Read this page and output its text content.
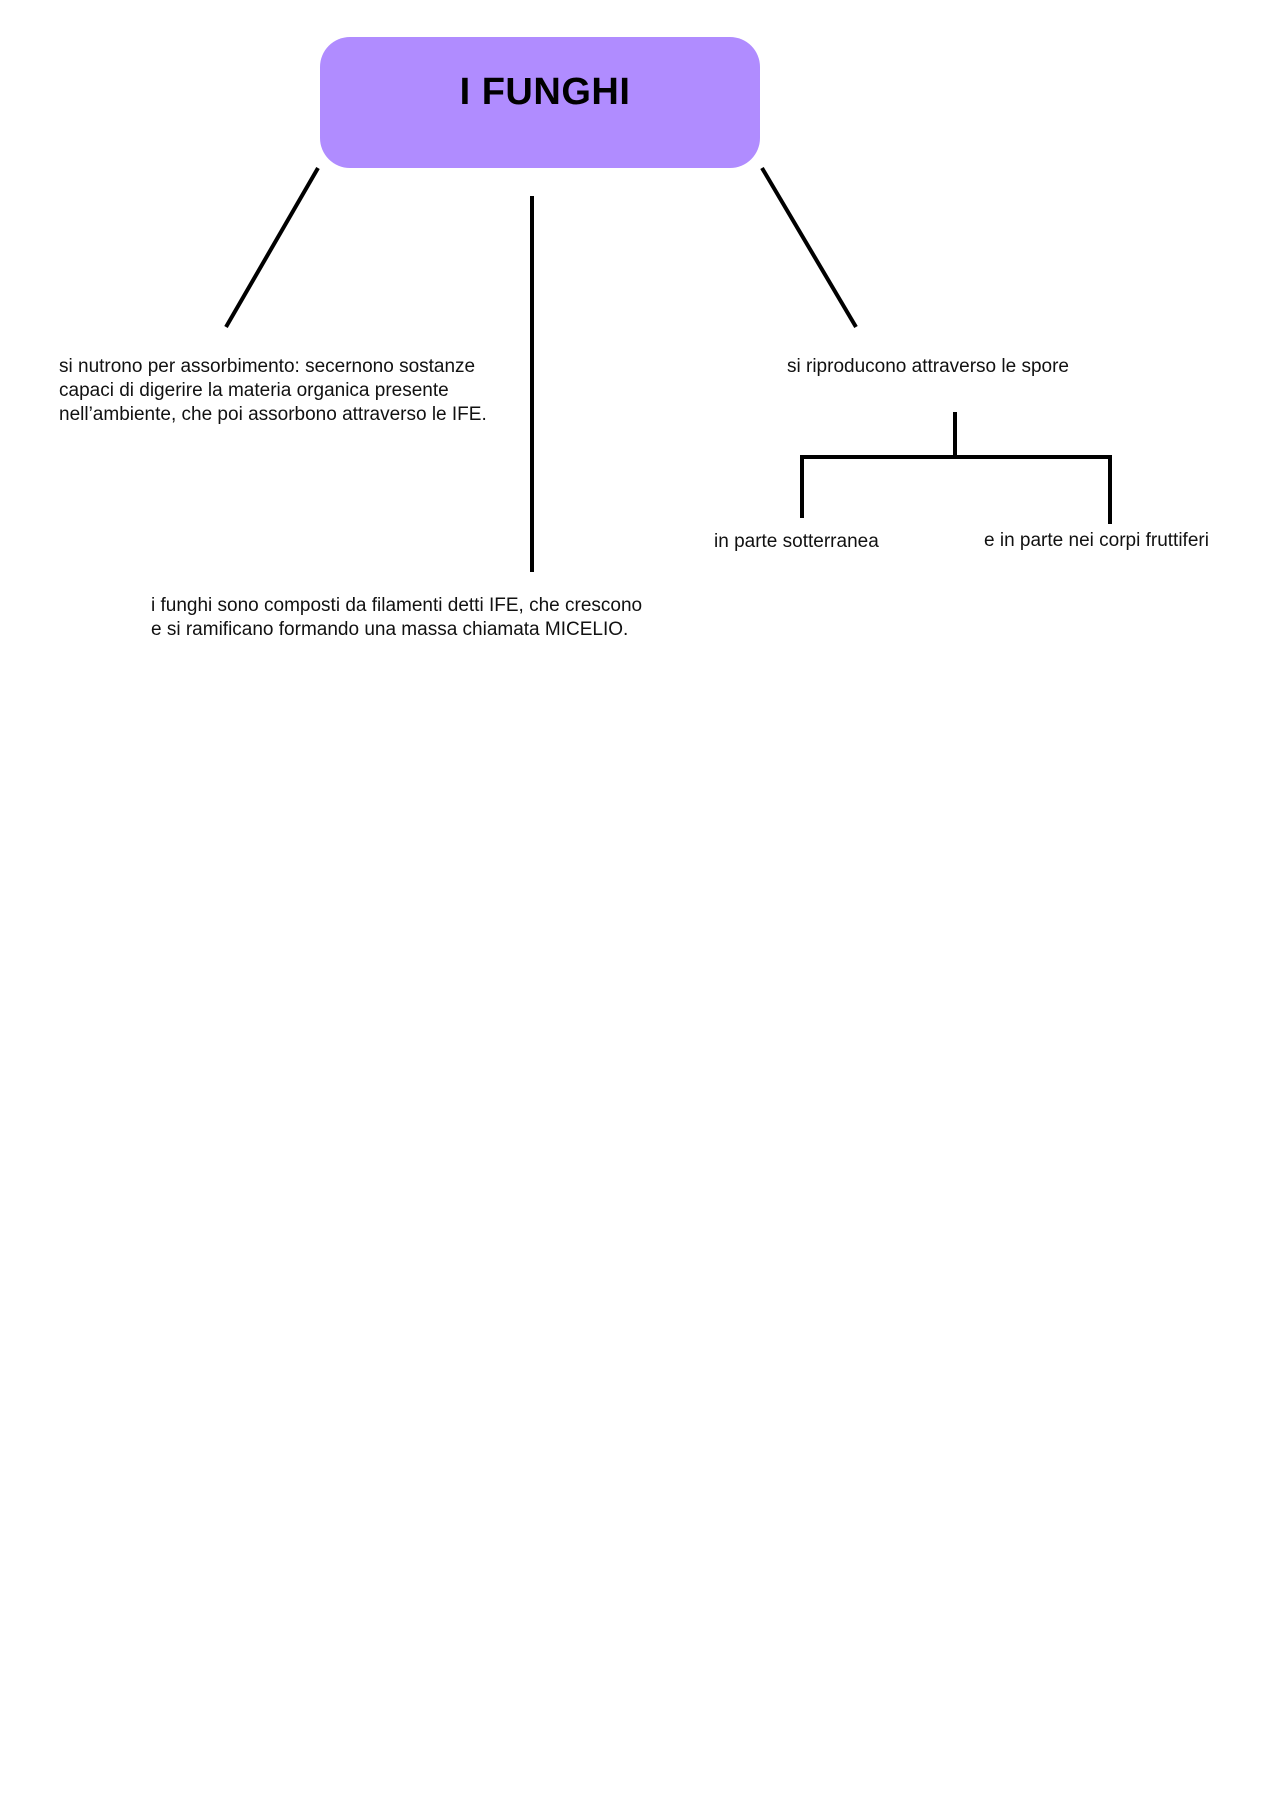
I FUNGHI
si nutrono per assorbimento: secernono sostanze
capaci di digerire la materia organica presente
nell’ambiente, che poi assorbono attraverso le IFE.
i funghi sono composti da filamenti detti IFE, che crescono
e si ramificano formando una massa chiamata MICELIO.
si riproducono attraverso le spore
in parte sotterranea	e in parte nei corpi fruttiferi
